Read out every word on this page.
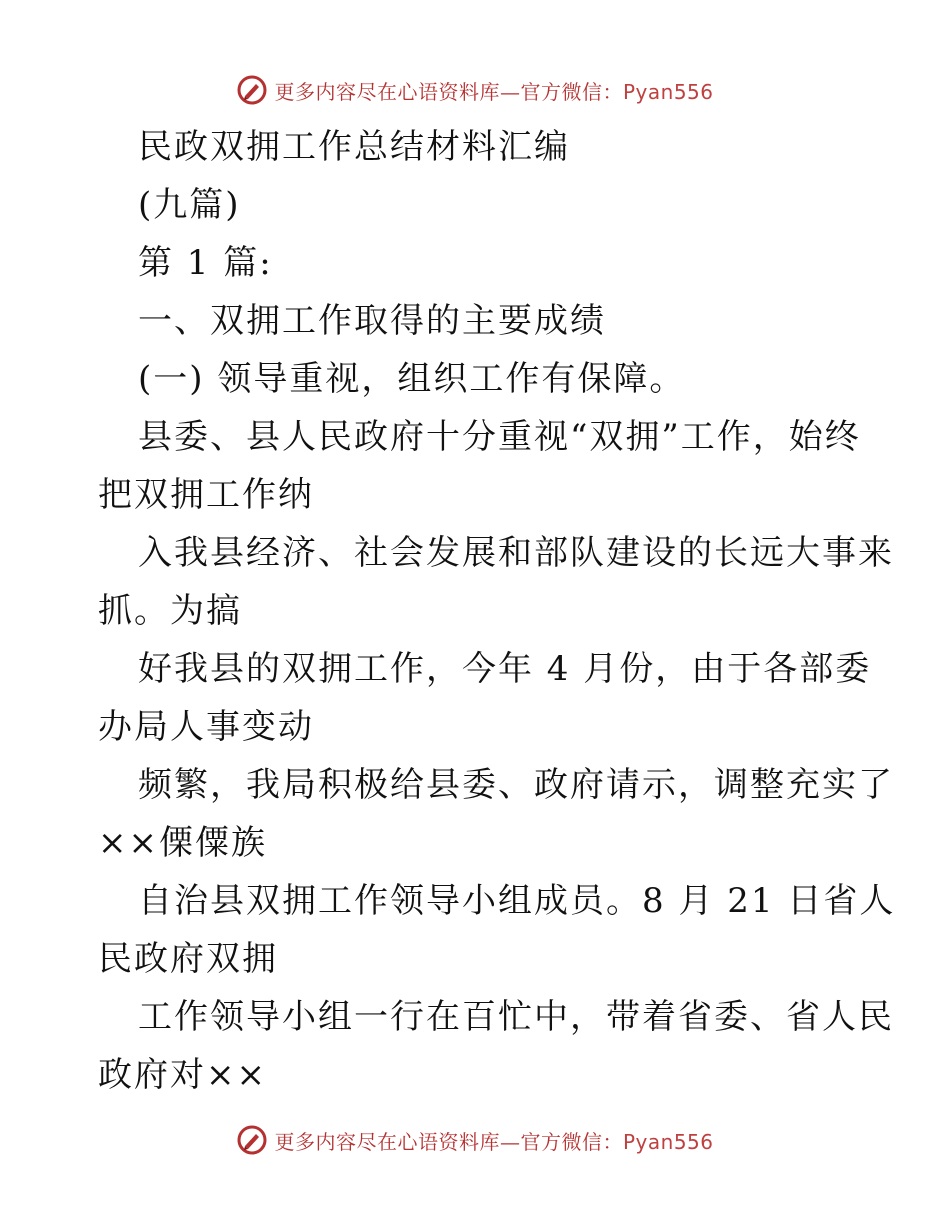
更多内容尽在心语资料库—官方微信：Pyan556

民政双拥工作总结材料汇编

(九篇)

第 1 篇:

一、双拥工作取得的主要成绩

(一) 领导重视，组织工作有保障。

县委、县人民政府十分重视“双拥”工作，始终
把双拥工作纳

入我县经济、社会发展和部队建设的长远大事来
抓。为搞

好我县的双拥工作，今年 4 月份，由于各部委
办局人事变动

频繁，我局积极给县委、政府请示，调整充实了
××傈僳族

自治县双拥工作领导小组成员。8 月 21 日省人
民政府双拥

工作领导小组一行在百忙中，带着省委、省人民
政府对××

更多内容尽在心语资料库—官方微信：Pyan556
